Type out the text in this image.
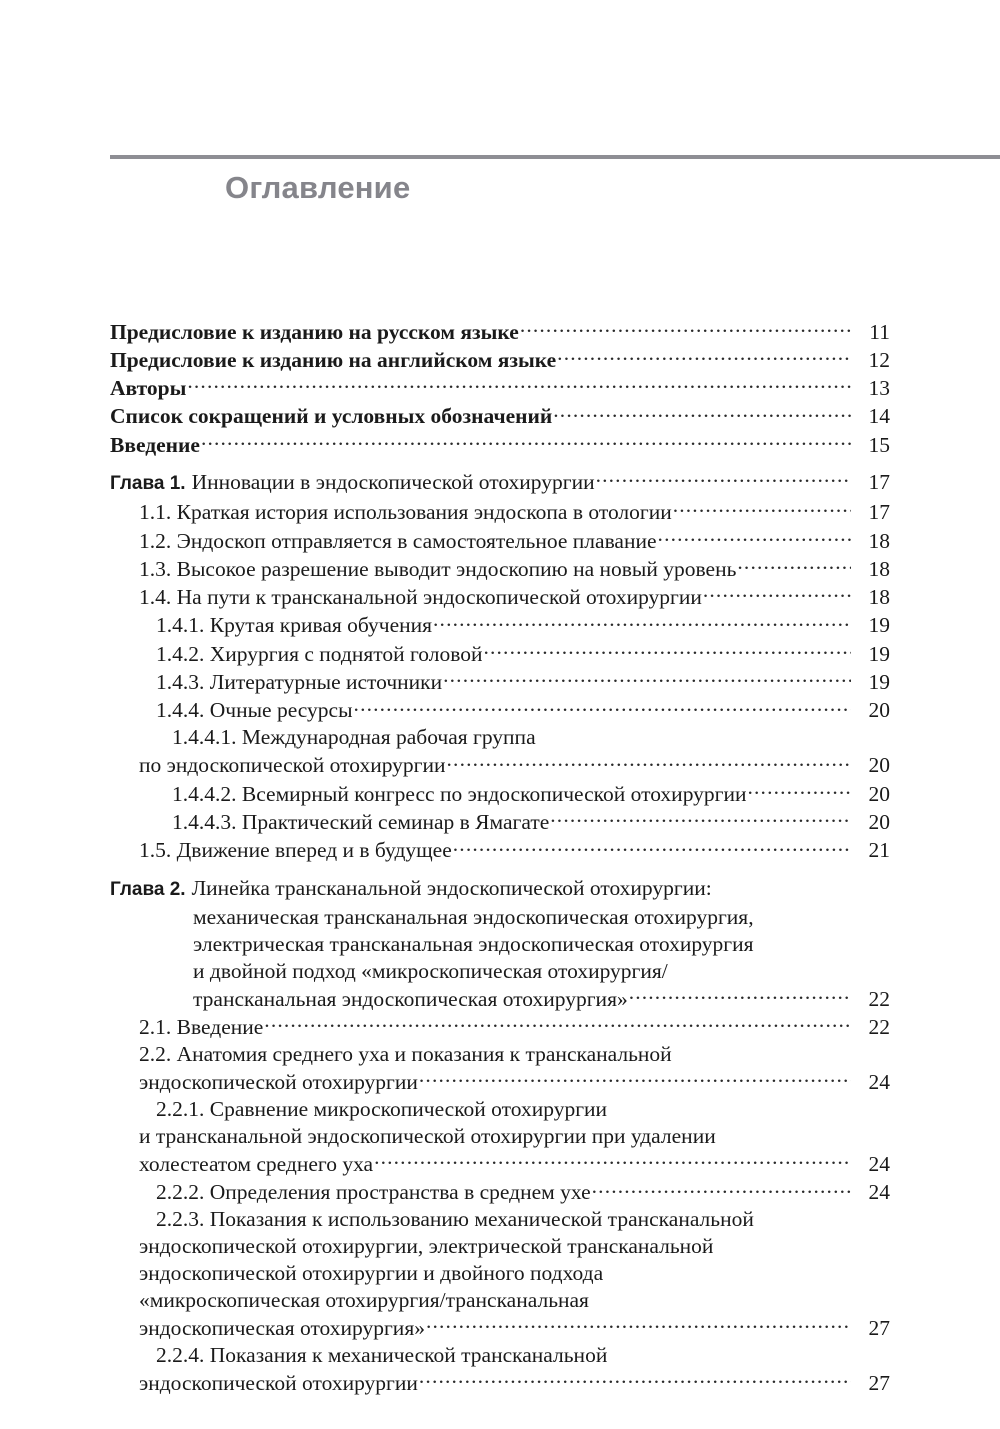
Оглавление
Предисловие к изданию на русском языке .....	11
Предисловие к изданию на английском языке .....	12
Авторы .....	13
Список сокращений и условных обозначений .....	14
Введение .....	15
Глава 1. Инновации в эндоскопической отохирургии .....	17
1.1. Краткая история использования эндоскопа в отологии .....	17
1.2. Эндоскоп отправляется в самостоятельное плавание .....	18
1.3. Высокое разрешение выводит эндоскопию на новый уровень .....	18
1.4. На пути к трансканальной эндоскопической отохирургии .....	18
1.4.1. Крутая кривая обучения .....	19
1.4.2. Хирургия с поднятой головой .....	19
1.4.3. Литературные источники .....	19
1.4.4. Очные ресурсы .....	20
1.4.4.1. Международная рабочая группа
по эндоскопической отохирургии .....	20
1.4.4.2. Всемирный конгресс по эндоскопической отохирургии .....	20
1.4.4.3. Практический семинар в Ямагате .....	20
1.5. Движение вперед и в будущее .....	21
Глава 2. Линейка трансканальной эндоскопической отохирургии:
механическая трансканальная эндоскопическая отохирургия,
электрическая трансканальная эндоскопическая отохирургия
и двойной подход «микроскопическая отохирургия/
трансканальная эндоскопическая отохирургия» .....	22
2.1. Введение .....	22
2.2. Анатомия среднего уха и показания к трансканальной
эндоскопической отохирургии .....	24
2.2.1. Сравнение микроскопической отохирургии
и трансканальной эндоскопической отохирургии при удалении
холестеатом среднего уха .....	24
2.2.2. Определения пространства в среднем ухе .....	24
2.2.3. Показания к использованию механической трансканальной
эндоскопической отохирургии, электрической трансканальной
эндоскопической отохирургии и двойного подхода
«микроскопическая отохирургия/трансканальная
эндоскопическая отохирургия» .....	27
2.2.4. Показания к механической трансканальной
эндоскопической отохирургии .....	27
